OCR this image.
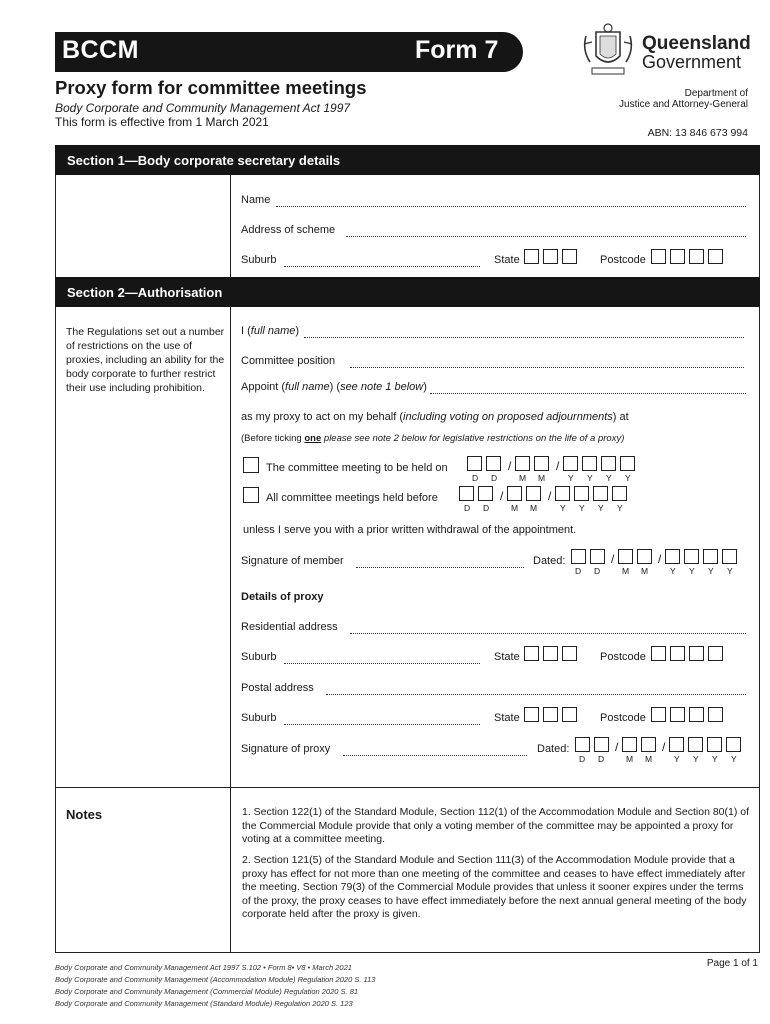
BCCM	Form 7
Proxy form for committee meetings
Body Corporate and Community Management Act 1997
This form is effective from 1 March 2021
Queensland
Government
Department of
Justice and Attorney-General
ABN: 13 846 673 994
Section 1—Body corporate secretary details
Section 2—Authorisation
Name
Address of scheme
Suburb	State	Postcode
The Regulations set out a number of restrictions on the use of proxies, including an ability for the body corporate to further restrict their use including prohibition.
I (full name)
Committee position
Appoint (full name) (see note 1 below)
as my proxy to act on my behalf (including voting on proposed adjournments) at
(Before ticking one please see note 2 below for legislative restrictions on the life of a proxy)
The committee meeting to be held on	/	/
D D	M M	Y Y Y Y
All committee meetings held before	/	/
D D	M M	Y Y Y Y
unless I serve you with a prior written withdrawal of the appointment.
Signature of member	Dated:	/	/
D D	M M	Y Y Y Y
Details of proxy
Residential address
Suburb	State	Postcode
Postal address
Suburb	State	Postcode
Signature of proxy	Dated:	/	/
D D	M M	Y Y Y Y
Notes	1. Section 122(1) of the Standard Module, Section 112(1) of the Accommodation Module and Section 80(1) of the Commercial Module provide that only a voting member of the committee may be appointed a proxy for voting at a committee meeting.
2. Section 121(5) of the Standard Module and Section 111(3) of the Accommodation Module provide that a proxy has effect for not more than one meeting of the committee and ceases to have effect immediately after the meeting. Section 79(3) of the Commercial Module provides that unless it sooner expires under the terms of the proxy, the proxy ceases to have effect immediately before the next annual general meeting of the body corporate held after the proxy is given.
Body Corporate and Community Management Act 1997 S.102 • Form 8• V8 • March 2021
Body Corporate and Community Management (Accommodation Module) Regulation 2020 S. 113
Body Corporate and Community Management (Commercial Module) Regulation 2020 S. 81
Body Corporate and Community Management (Standard Module) Regulation 2020 S. 123
Page 1 of 1
